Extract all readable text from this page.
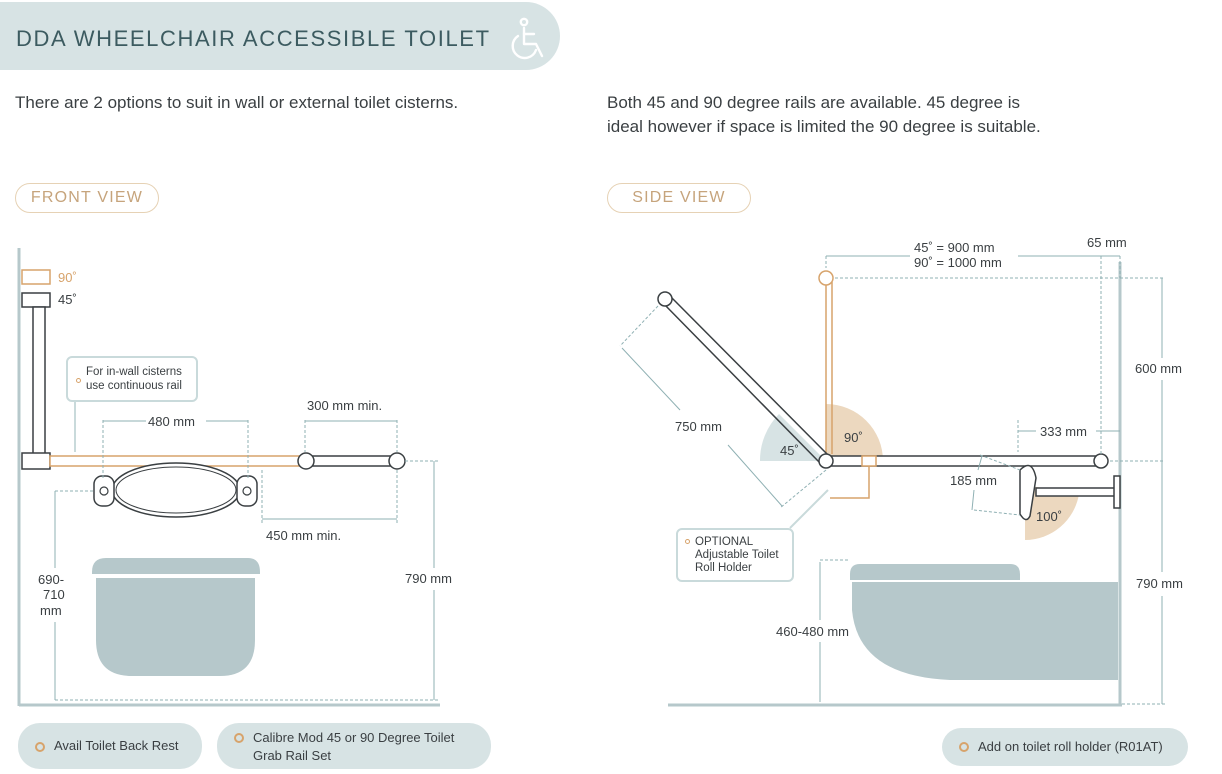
DDA WHEELCHAIR ACCESSIBLE TOILET
There are 2 options to suit in wall or external toilet cisterns.	Both 45 and 90 degree rails are available. 45 degree is
ideal however if space is limited the 90 degree is suitable.
FRONT VIEW	SIDE VIEW
90˚
45˚
For in-wall cisterns
use continuous rail
480 mm
300 mm min.
450 mm min.
690-
710
mm
790 mm
45˚ = 900 mm
90˚ = 1000 mm
65 mm
600 mm
750 mm
45˚
90˚	333 mm
185 mm
100˚
790 mm
460-480 mm
OPTIONAL
Adjustable Toilet
Roll Holder
Avail Toilet Back Rest
Calibre Mod 45 or 90 Degree Toilet
Grab Rail Set
Add on toilet roll holder (R01AT)
